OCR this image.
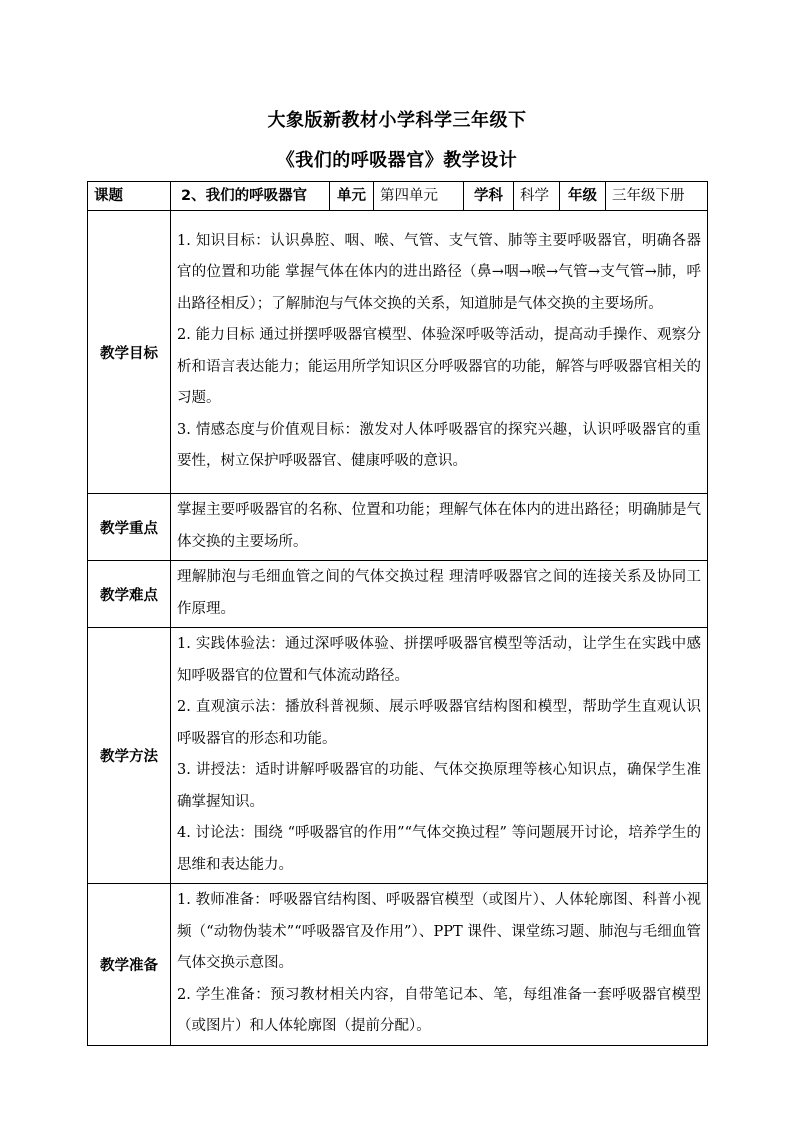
大象版新教材小学科学三年级下
《我们的呼吸器官》教学设计
课题	2、我们的呼吸器官	单元	第四单元	学科	科学	年级	三年级下册
教学目标	1. 知识目标：认识鼻腔、咽、喉、气管、支气管、肺等主要呼吸器官，明确各器官的位置和功能 掌握气体在体内的进出路径（鼻→咽→喉→气管→支气管→肺，呼出路径相反）；了解肺泡与气体交换的关系，知道肺是气体交换的主要场所。

2. 能力目标 通过拼摆呼吸器官模型、体验深呼吸等活动，提高动手操作、观察分析和语言表达能力；能运用所学知识区分呼吸器官的功能，解答与呼吸器官相关的习题。

3. 情感态度与价值观目标：激发对人体呼吸器官的探究兴趣，认识呼吸器官的重要性，树立保护呼吸器官、健康呼吸的意识。						

教学重点	掌握主要呼吸器官的名称、位置和功能；理解气体在体内的进出路径；明确肺是气体交换的主要场所。						

教学难点	理解肺泡与毛细血管之间的气体交换过程 理清呼吸器官之间的连接关系及协同工作原理。						

教学方法	1. 实践体验法：通过深呼吸体验、拼摆呼吸器官模型等活动，让学生在实践中感知呼吸器官的位置和气体流动路径。

2. 直观演示法：播放科普视频、展示呼吸器官结构图和模型，帮助学生直观认识呼吸器官的形态和功能。

3. 讲授法：适时讲解呼吸器官的功能、气体交换原理等核心知识点，确保学生准确掌握知识。

4. 讨论法：围绕 “呼吸器官的作用”“气体交换过程” 等问题展开讨论，培养学生的思维和表达能力。						

教学准备	1. 教师准备：呼吸器官结构图、呼吸器官模型（或图片）、人体轮廓图、科普小视频（“动物伪装术”“呼吸器官及作用”）、PPT 课件、课堂练习题、肺泡与毛细血管气体交换示意图。

2. 学生准备：预习教材相关内容，自带笔记本、笔，每组准备一套呼吸器官模型（或图片）和人体轮廓图（提前分配）。						
